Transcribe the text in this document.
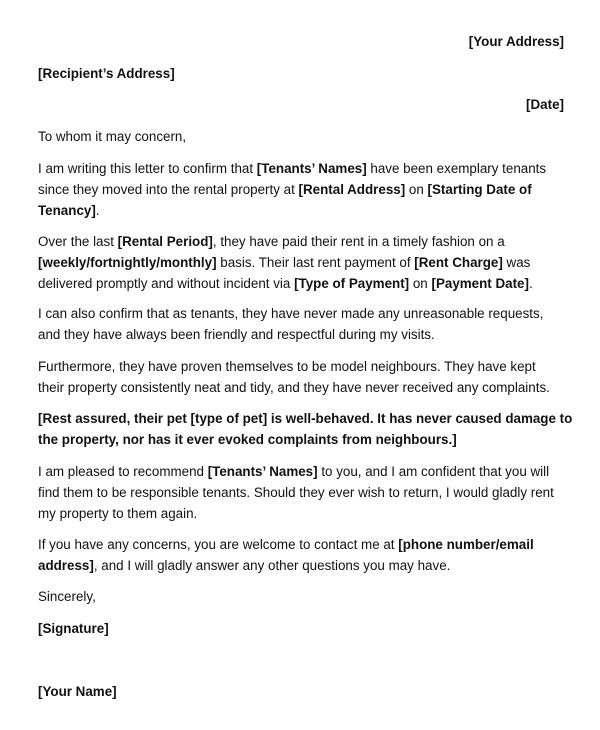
[Your Address]
[Recipient’s Address]
[Date]
To whom it may concern,
I am writing this letter to confirm that [Tenants’ Names] have been exemplary tenants
since they moved into the rental property at [Rental Address] on [Starting Date of
Tenancy].
Over the last [Rental Period], they have paid their rent in a timely fashion on a
[weekly/fortnightly/monthly] basis. Their last rent payment of [Rent Charge] was
delivered promptly and without incident via [Type of Payment] on [Payment Date].
I can also confirm that as tenants, they have never made any unreasonable requests,
and they have always been friendly and respectful during my visits.
Furthermore, they have proven themselves to be model neighbours. They have kept
their property consistently neat and tidy, and they have never received any complaints.
[Rest assured, their pet [type of pet] is well-behaved. It has never caused damage to
the property, nor has it ever evoked complaints from neighbours.]
I am pleased to recommend [Tenants’ Names] to you, and I am confident that you will
find them to be responsible tenants. Should they ever wish to return, I would gladly rent
my property to them again.
If you have any concerns, you are welcome to contact me at [phone number/email
address], and I will gladly answer any other questions you may have.
Sincerely,
[Signature]
[Your Name]
